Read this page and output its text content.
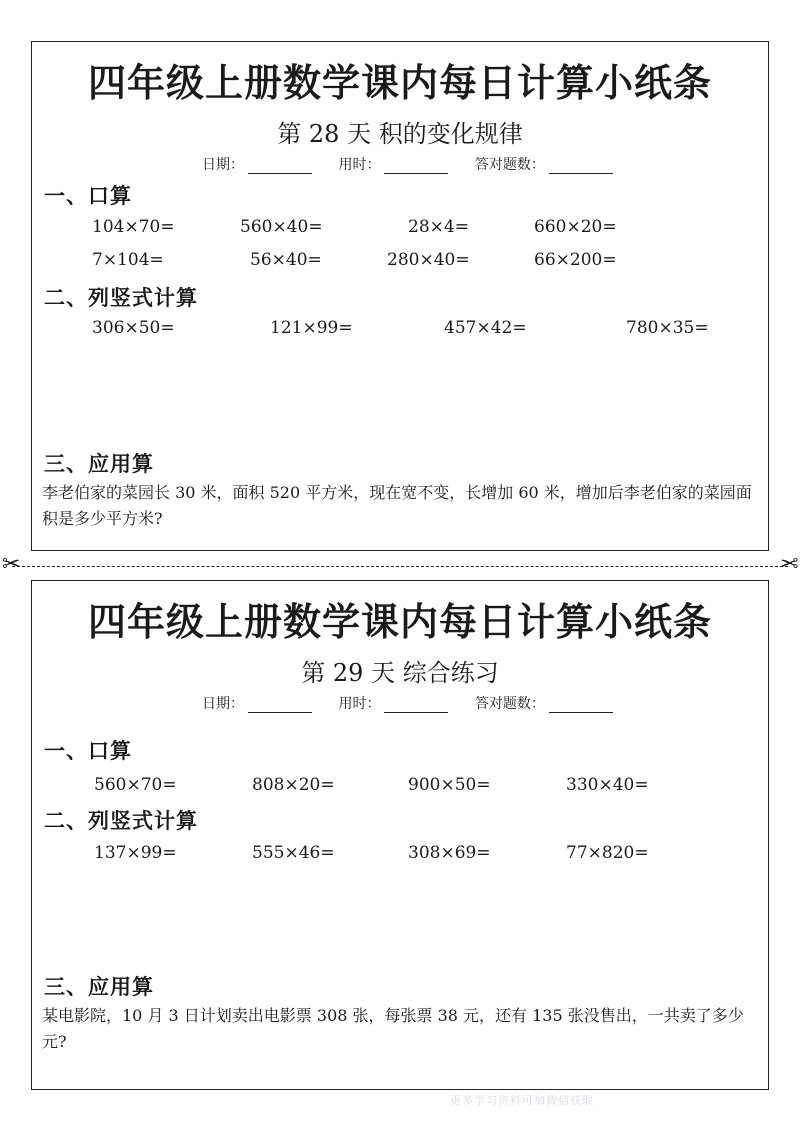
四年级上册数学课内每日计算小纸条
第 28 天 积的变化规律
日期：	用时：	答对题数：
一、口算
104×70=	560×40=	28×4=	660×20=
7×104=	56×40=	280×40=	66×200=
二、列竖式计算
306×50=	121×99=	457×42=	780×35=
三、应用算
李老伯家的菜园长 30 米，面积 520 平方米，现在宽不变，长增加 60 米，增加后李老伯家的菜园面积是多少平方米?
✂	✂
四年级上册数学课内每日计算小纸条
第 29 天 综合练习
日期：	用时：	答对题数：
一、口算
560×70=	808×20=	900×50=	330×40=
二、列竖式计算
137×99=	555×46=	308×69=	77×820=
三、应用算
某电影院，10 月 3 日计划卖出电影票 308 张，每张票 38 元，还有 135 张没售出，一共卖了多少元?
更多学习资料可加微信获取
